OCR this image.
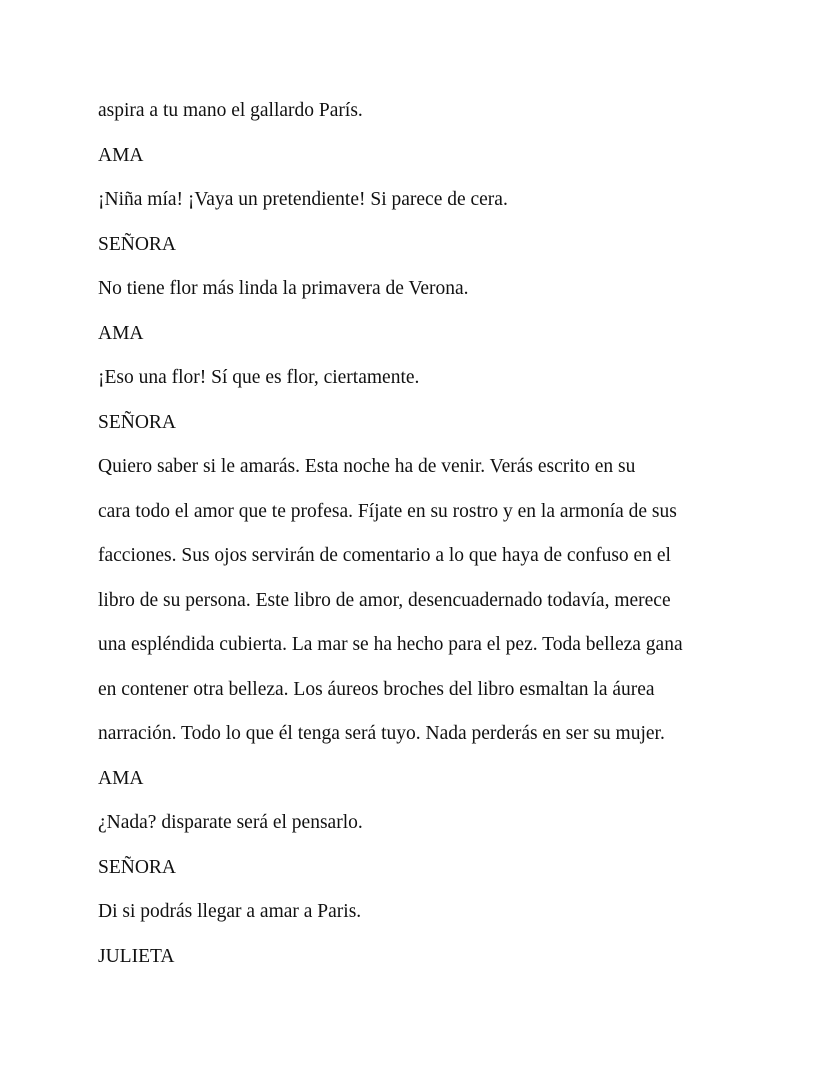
aspira a tu mano el gallardo París.

AMA

¡Niña mía! ¡Vaya un pretendiente! Si parece de cera.

SEÑORA

No tiene flor más linda la primavera de Verona.

AMA

¡Eso una flor! Sí que es flor, ciertamente.

SEÑORA

Quiero saber si le amarás. Esta noche ha de venir. Verás escrito en su

cara todo el amor que te profesa. Fíjate en su rostro y en la armonía de sus

facciones. Sus ojos servirán de comentario a lo que haya de confuso en el

libro de su persona. Este libro de amor, desencuadernado todavía, merece

una espléndida cubierta. La mar se ha hecho para el pez. Toda belleza gana

en contener otra belleza. Los áureos broches del libro esmaltan la áurea

narración. Todo lo que él tenga será tuyo. Nada perderás en ser su mujer.

AMA

¿Nada? disparate será el pensarlo.

SEÑORA

Di si podrás llegar a amar a Paris.

JULIETA
